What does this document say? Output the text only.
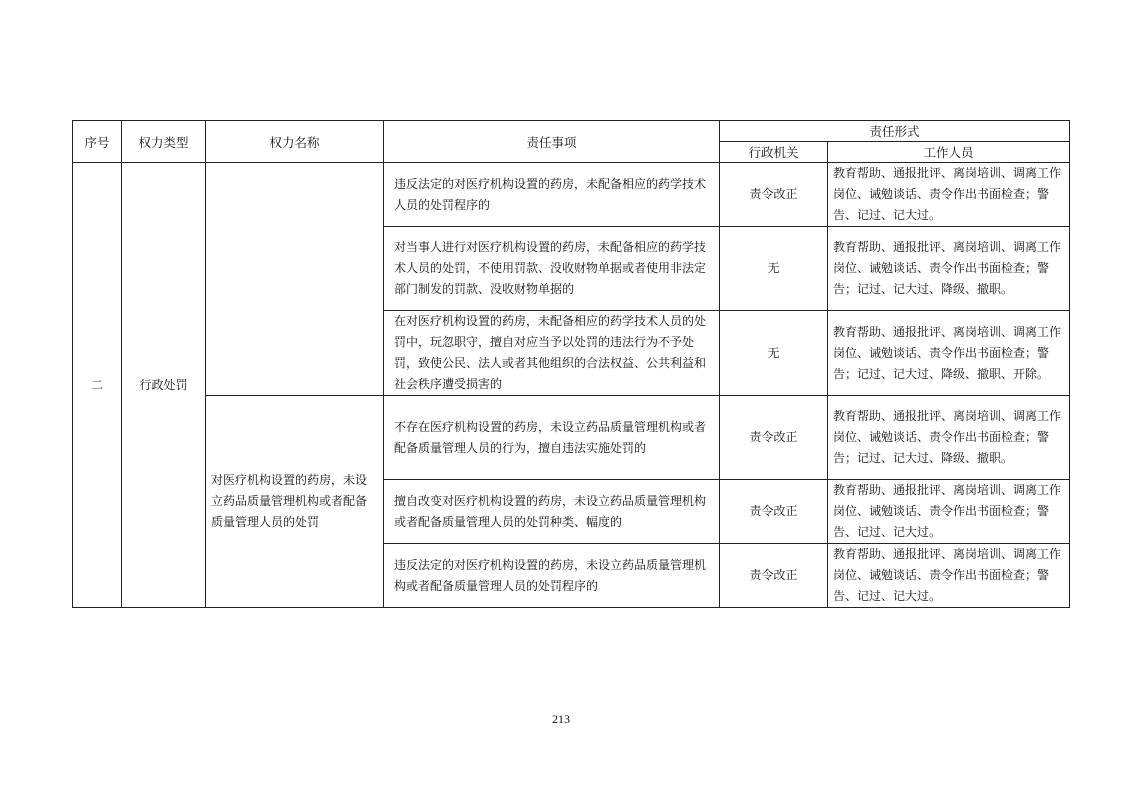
序号	权力类型	权力名称	责任事项	责任形式	
				行政机关	工作人员
二	行政处罚		违反法定的对医疗机构设置的药房，未配备相应的药学技术人员的处罚程序的	责令改正	教育帮助、通报批评、离岗培训、调离工作岗位、诫勉谈话、责令作出书面检查；警告、记过、记大过。
			对当事人进行对医疗机构设置的药房，未配备相应的药学技术人员的处罚，不使用罚款、没收财物单据或者使用非法定部门制发的罚款、没收财物单据的	无	教育帮助、通报批评、离岗培训、调离工作岗位、诫勉谈话、责令作出书面检查；警告；记过、记大过、降级、撤职。
			在对医疗机构设置的药房，未配备相应的药学技术人员的处罚中，玩忽职守，擅自对应当予以处罚的违法行为不予处罚，致使公民、法人或者其他组织的合法权益、公共利益和社会秩序遭受损害的	无	教育帮助、通报批评、离岗培训、调离工作岗位、诫勉谈话、责令作出书面检查；警告；记过、记大过、降级、撤职、开除。
		对医疗机构设置的药房，未设立药品质量管理机构或者配备质量管理人员的处罚	不存在医疗机构设置的药房，未设立药品质量管理机构或者配备质量管理人员的行为，擅自违法实施处罚的	责令改正	教育帮助、通报批评、离岗培训、调离工作岗位、诫勉谈话、责令作出书面检查；警告；记过、记大过、降级、撤职。
			擅自改变对医疗机构设置的药房，未设立药品质量管理机构或者配备质量管理人员的处罚种类、幅度的	责令改正	教育帮助、通报批评、离岗培训、调离工作岗位、诫勉谈话、责令作出书面检查；警告、记过、记大过。
			违反法定的对医疗机构设置的药房，未设立药品质量管理机构或者配备质量管理人员的处罚程序的	责令改正	教育帮助、通报批评、离岗培训、调离工作岗位、诫勉谈话、责令作出书面检查；警告、记过、记大过。
213
